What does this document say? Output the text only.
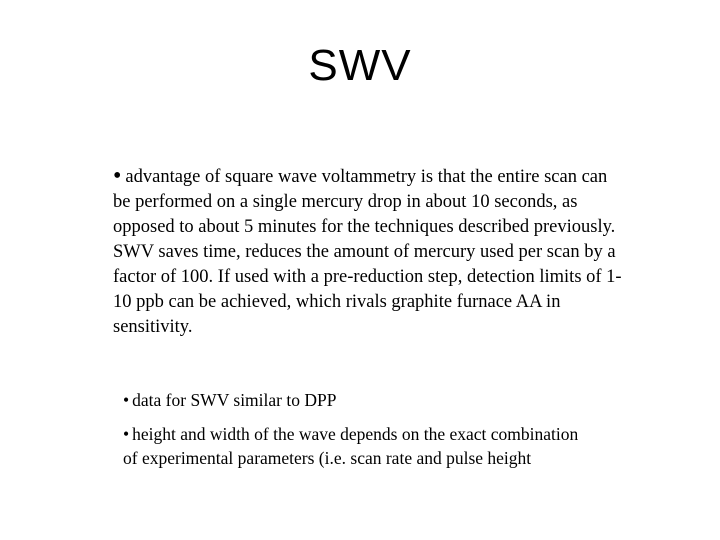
SWV
• advantage of square wave voltammetry is that the entire scan can be performed on a single mercury drop in about 10 seconds, as opposed to about 5 minutes for the techniques described previously. SWV saves time, reduces the amount of mercury used per scan by a factor of 100. If used with a pre-reduction step, detection limits of 1-10 ppb can be achieved, which rivals graphite furnace AA in sensitivity.
• data for SWV similar to DPP
• height and width of the wave depends on the exact combination of experimental parameters (i.e. scan rate and pulse height
